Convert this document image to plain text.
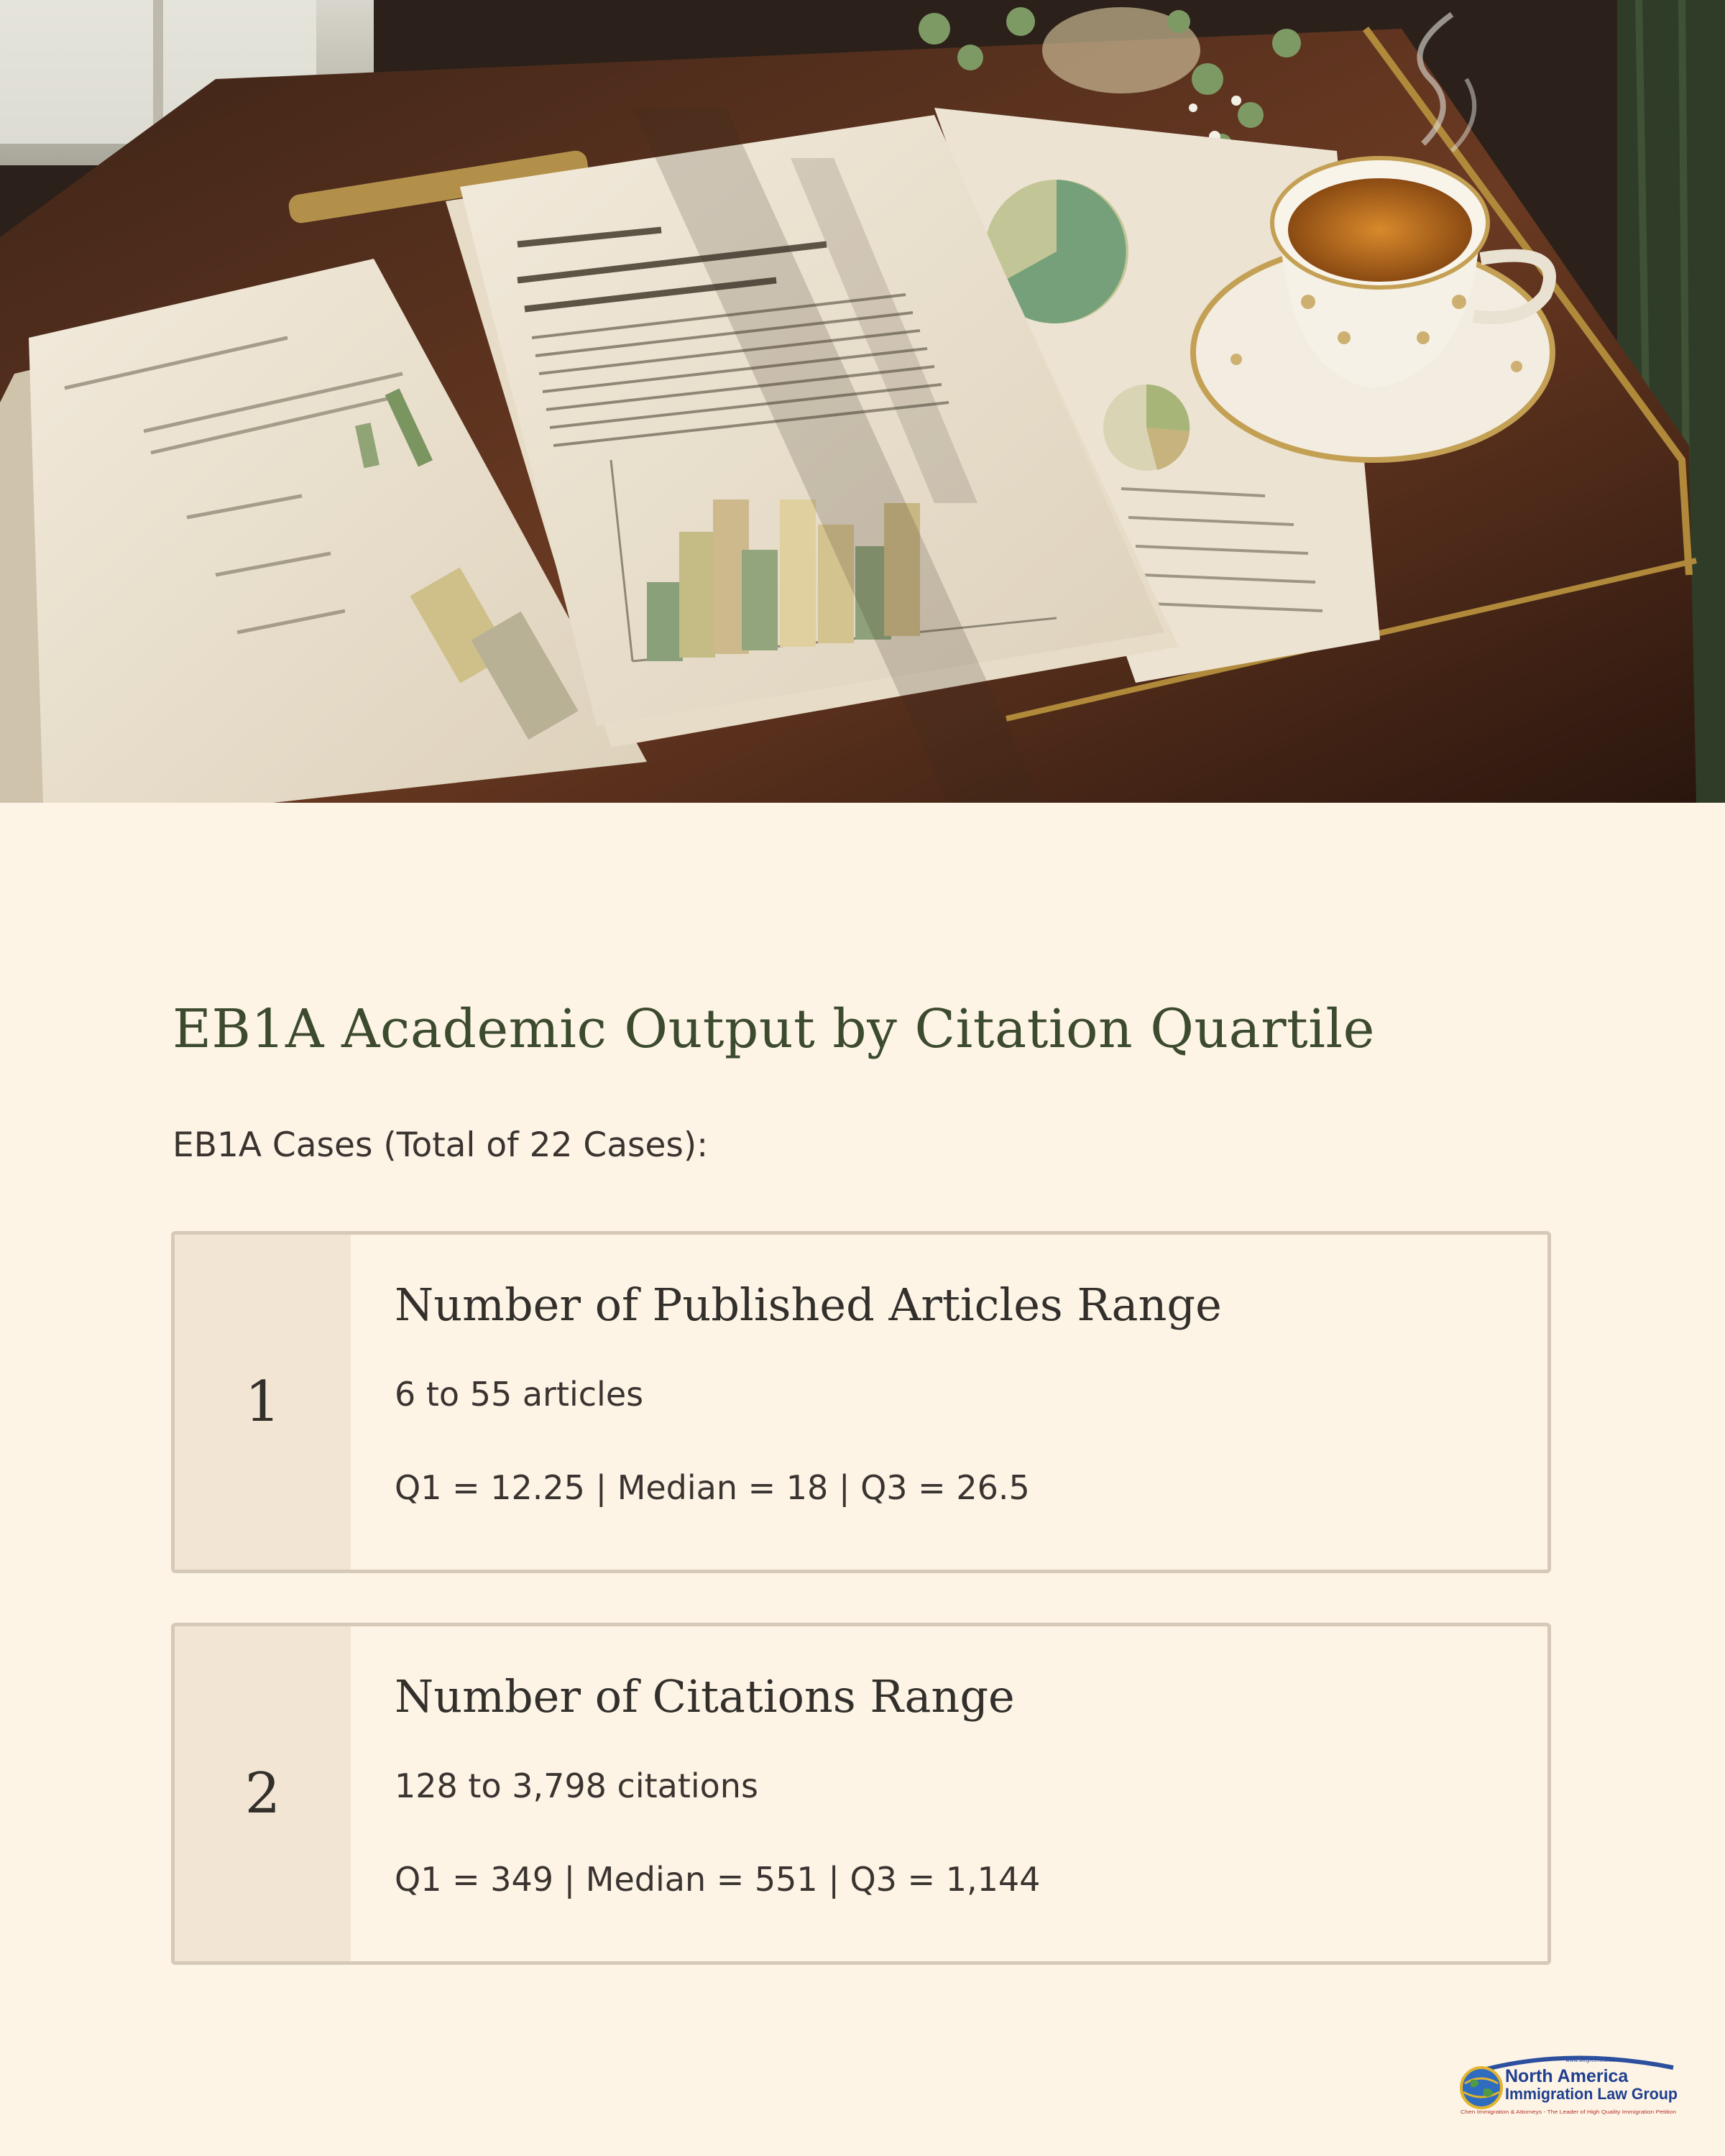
EB1A Academic Output by Citation Quartile

EB1A Cases (Total of 22 Cases):

1
Number of Published Articles Range
6 to 55 articles
Q1 = 12.25 | Median = 18 | Q3 = 26.5
2
Number of Citations Range
128 to 3,798 citations
Q1 = 349 | Median = 551 | Q3 = 1,144
www.wegreened.com
North America
Immigration Law Group
Chen Immigration & Attorneys - The Leader of High Quality Immigration Petition
